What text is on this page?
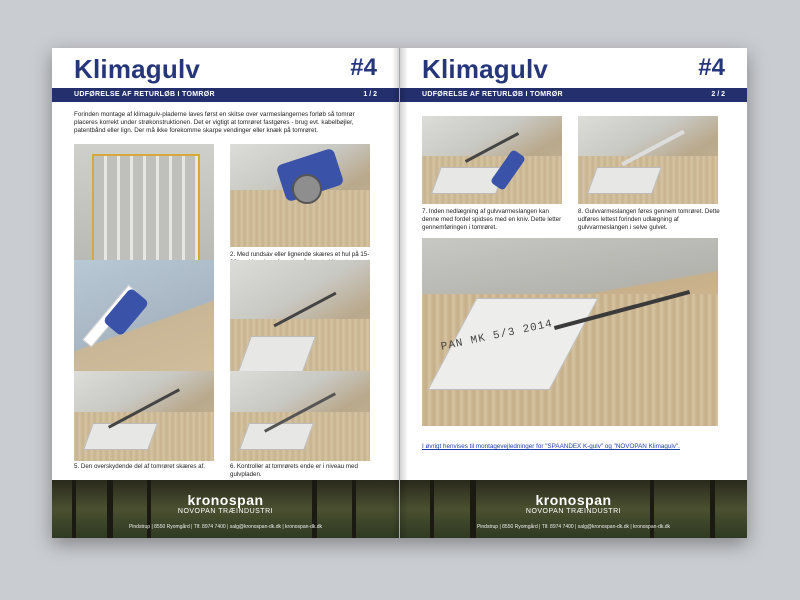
Klimagulv	#4
UDFØRELSE AF RETURLØB I TOMRØR	1 / 2
Forinden montage af klimagulv-pladerne laves først en skitse over varmeslangernes forløb så tomrør placeres korrekt under strøkonstruktionen. Det er vigtigt at tomrøret fastgøres - brug evt. kabelbøjler, patentbånd eller lign. Der må ikke forekomme skarpe vendinger eller knæk på tomrøret.
2. Med rundsav eller lignende skæres et hul på 15-
5. Den overskydende del af tomrøret skæres af.	6. Kontroller at tomrørets ende er i niveau med gulvpladen.
kronospan
NOVOPAN TRÆINDUSTRI
Pindstrup | 8550 Ryomgård | Tlf. 8974 7400 | salg@kronospan-dk.dk | kronospan-dk.dk
Klimagulv	#4
UDFØRELSE AF RETURLØB I TOMRØR	2 / 2
7. Inden nedlægning af gulvvarmeslangen kan denne med fordel spidses med en kniv. Dette letter gennemføringen i tomrøret.
8. Gulvvarmeslangen føres gennem tomrøret. Dette udføres lettest forinden udlægning af gulvvarmeslangen i selve gulvet.
PAN MK 5/3 2014
I øvrigt henvises til montagevejledninger for "SPAANDEX K-gulv" og "NOVOPAN Klimagulv".
kronospan
NOVOPAN TRÆINDUSTRI
Pindstrup | 8550 Ryomgård | Tlf. 8974 7400 | salg@kronospan-dk.dk | kronospan-dk.dk
